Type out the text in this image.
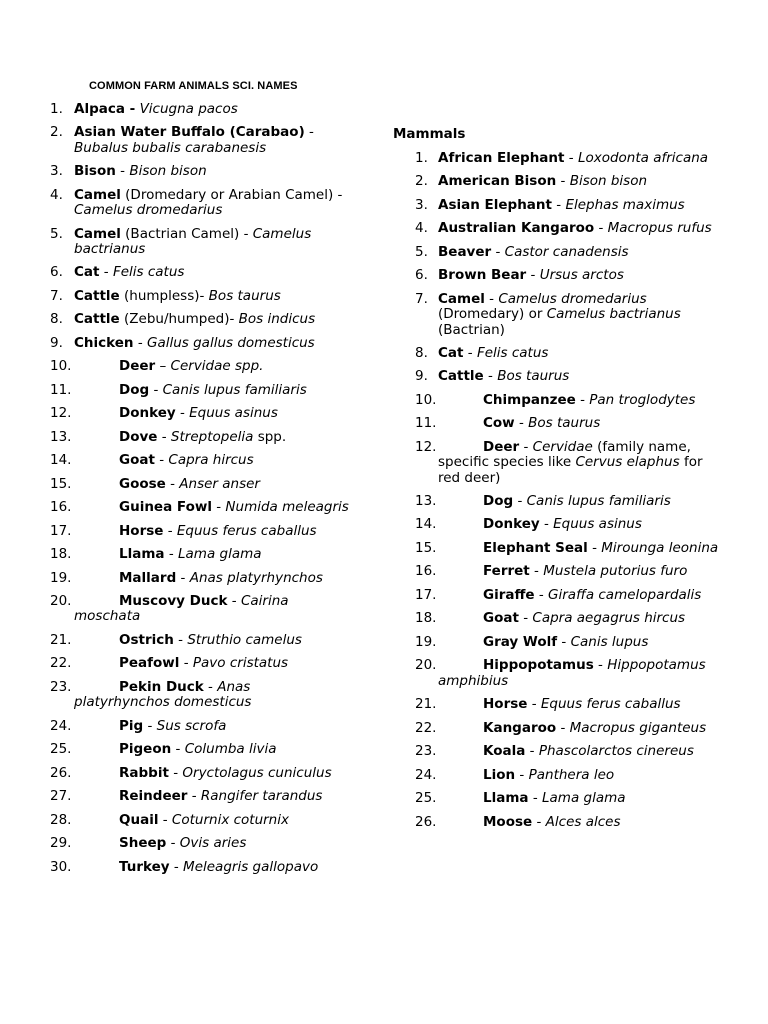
COMMON FARM ANIMALS SCI. NAMES
1. Alpaca - Vicugna pacos
2. Asian Water Buffalo (Carabao) - Bubalus bubalis carabanesis
3. Bison - Bison bison
4. Camel (Dromedary or Arabian Camel) - Camelus dromedarius
5. Camel (Bactrian Camel) - Camelus bactrianus
6. Cat - Felis catus
7. Cattle (humpless)- Bos taurus
8. Cattle (Zebu/humped)- Bos indicus
9. Chicken - Gallus gallus domesticus
10.	Deer – Cervidae spp.
11.	Dog - Canis lupus familiaris
12.	Donkey - Equus asinus
13.	Dove - Streptopelia spp.
14.	Goat - Capra hircus
15.	Goose - Anser anser
16.	Guinea Fowl - Numida meleagris
17.	Horse - Equus ferus caballus
18.	Llama - Lama glama
19.	Mallard - Anas platyrhynchos
20.	Muscovy Duck - Cairina moschata
21.	Ostrich - Struthio camelus
22.	Peafowl - Pavo cristatus
23.	Pekin Duck - Anas platyrhynchos domesticus
24.	Pig - Sus scrofa
25.	Pigeon - Columba livia
26.	Rabbit - Oryctolagus cuniculus
27.	Reindeer - Rangifer tarandus
28.	Quail - Coturnix coturnix
29.	Sheep - Ovis aries
30.	Turkey - Meleagris gallopavo
Mammals
1. African Elephant - Loxodonta africana
2. American Bison - Bison bison
3. Asian Elephant - Elephas maximus
4. Australian Kangaroo - Macropus rufus
5. Beaver - Castor canadensis
6. Brown Bear - Ursus arctos
7. Camel - Camelus dromedarius (Dromedary) or Camelus bactrianus (Bactrian)
8. Cat - Felis catus
9. Cattle - Bos taurus
10.	Chimpanzee - Pan troglodytes
11.	Cow - Bos taurus
12.	Deer - Cervidae (family name, specific species like Cervus elaphus for red deer)
13.	Dog - Canis lupus familiaris
14.	Donkey - Equus asinus
15.	Elephant Seal - Mirounga leonina
16.	Ferret - Mustela putorius furo
17.	Giraffe - Giraffa camelopardalis
18.	Goat - Capra aegagrus hircus
19.	Gray Wolf - Canis lupus
20.	Hippopotamus - Hippopotamus amphibius
21.	Horse - Equus ferus caballus
22.	Kangaroo - Macropus giganteus
23.	Koala - Phascolarctos cinereus
24.	Lion - Panthera leo
25.	Llama - Lama glama
26.	Moose - Alces alces
